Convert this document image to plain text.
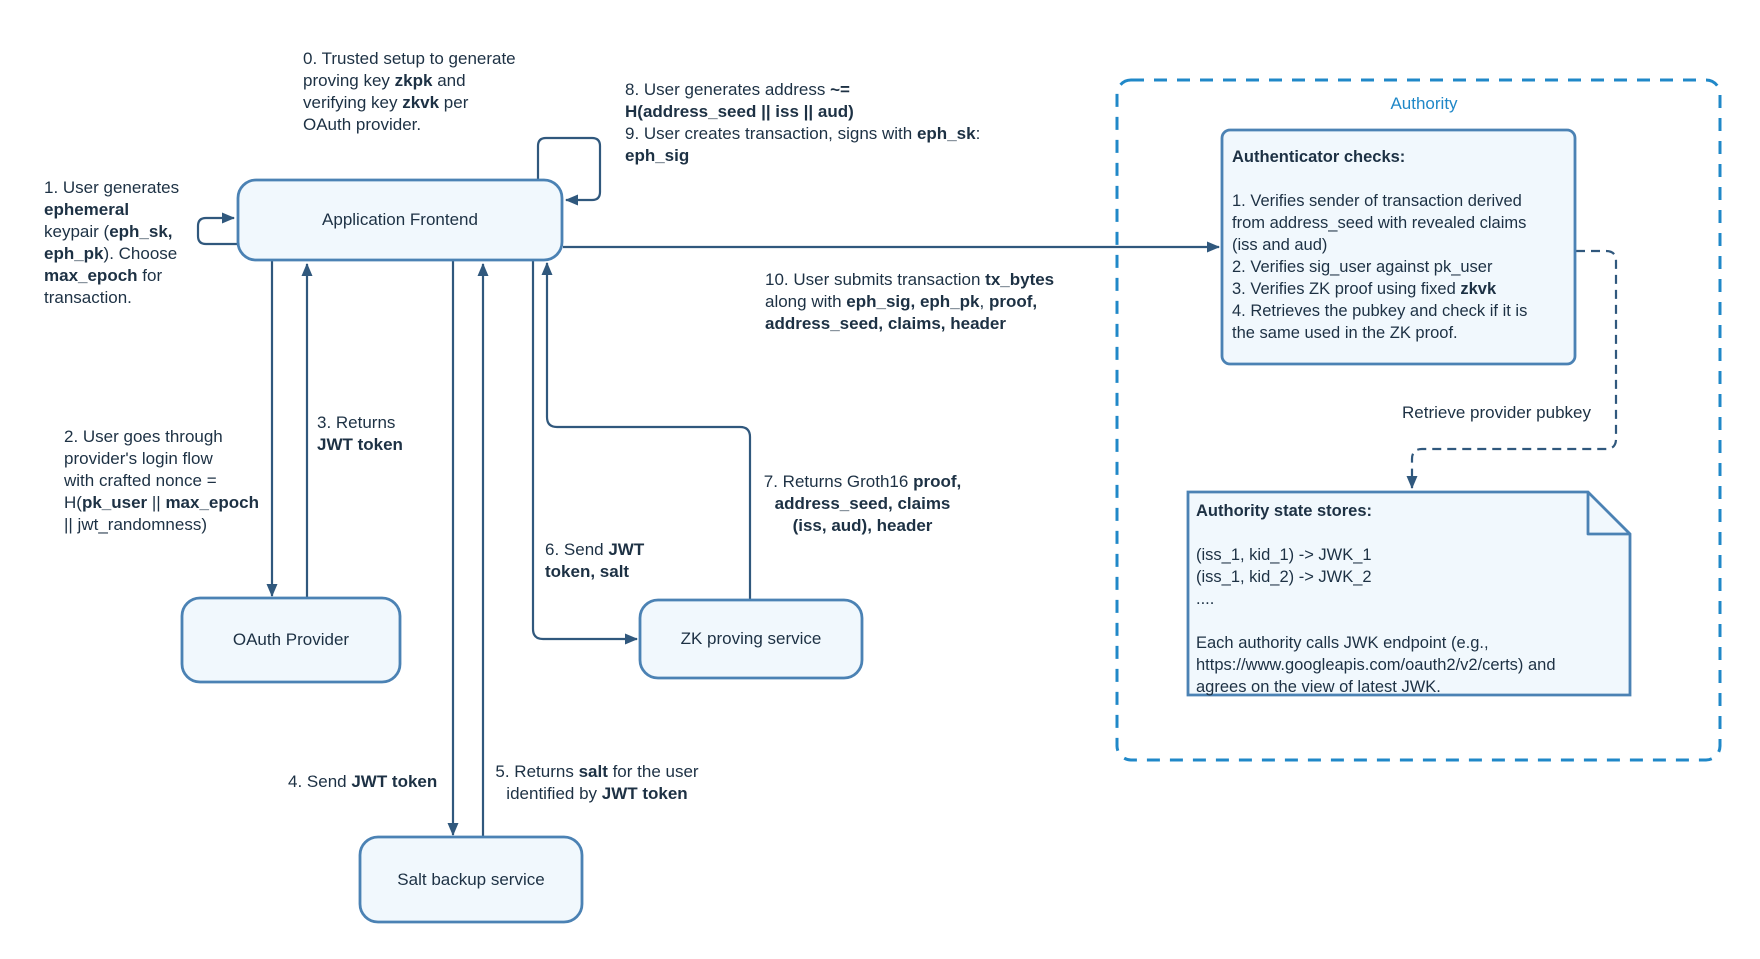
Application Frontend
OAuth Provider	ZK proving service
Salt backup service
1. User generates
ephemeral
keypair (eph_sk,
eph_pk). Choose
max_epoch for
transaction.
0. Trusted setup to generate
proving key zkpk and
verifying key zkvk per
OAuth provider.
8. User generates address ~=
H(address_seed || iss || aud)
9. User creates transaction, signs with eph_sk:
eph_sig
10. User submits transaction tx_bytes
along with eph_sig, eph_pk, proof,
address_seed, claims, header
2. User goes through
provider's login flow
with crafted nonce =
H(pk_user || max_epoch
|| jwt_randomness)
3. Returns
JWT token
6. Send JWT
token, salt
7. Returns Groth16 proof,
address_seed, claims
(iss, aud), header
4. Send JWT token
5. Returns salt for the user
identified by JWT token
Authority
Retrieve provider pubkey
Authenticator checks:
1. Verifies sender of transaction derived
from address_seed with revealed claims
(iss and aud)
2. Verifies sig_user against pk_user
3. Verifies ZK proof using fixed zkvk
4. Retrieves the pubkey and check if it is
the same used in the ZK proof.
Authority state stores:
(iss_1, kid_1) -> JWK_1
(iss_1, kid_2) -> JWK_2
....

Each authority calls JWK endpoint (e.g.,
https://www.googleapis.com/oauth2/v2/certs) and
agrees on the view of latest JWK.
